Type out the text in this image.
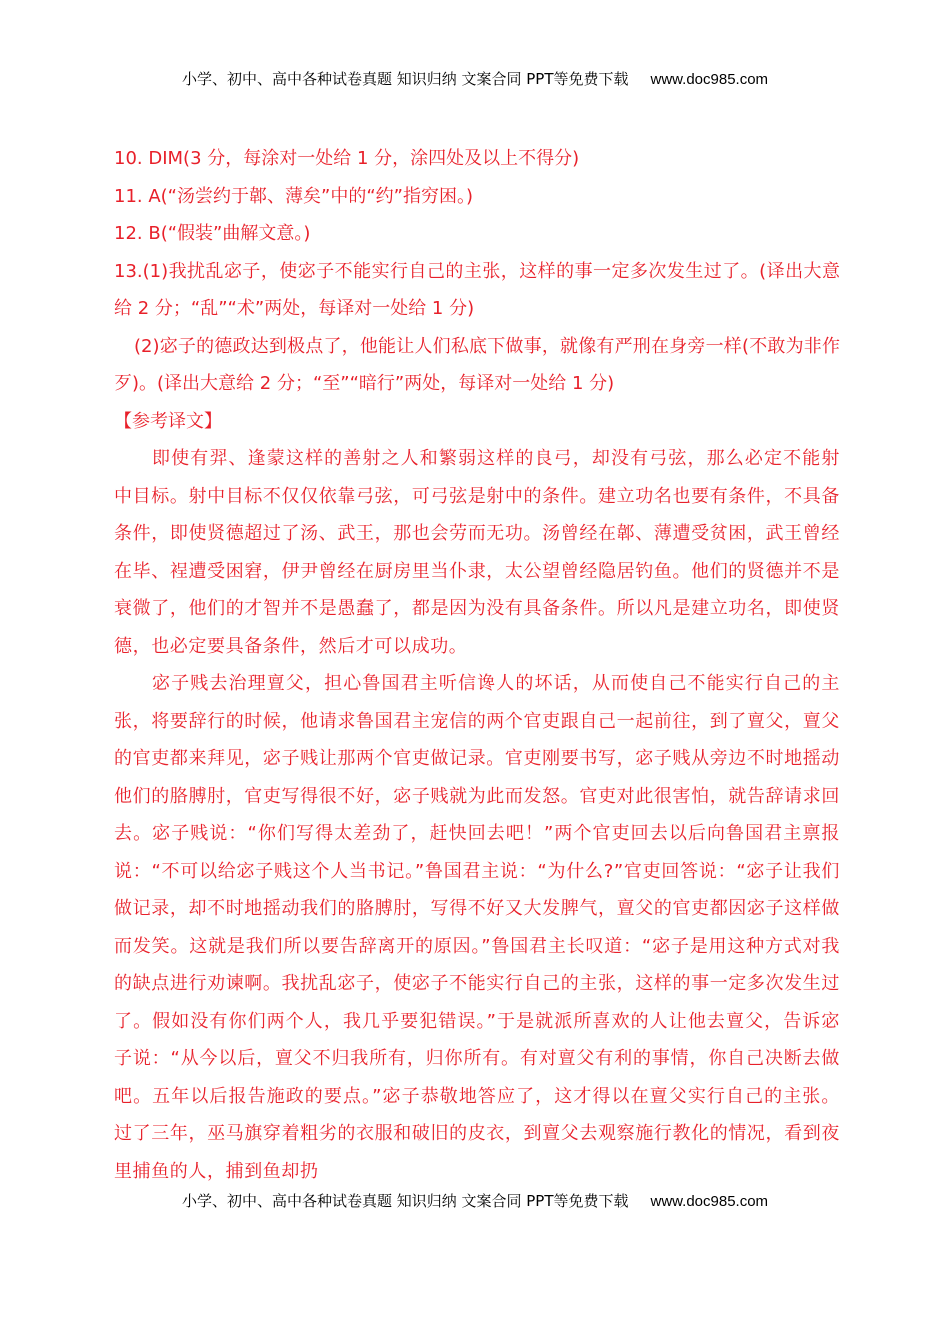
小学、初中、高中各种试卷真题 知识归纳 文案合同 PPT等免费下载 www.doc985.com

10. DIM(3 分，每涂对一处给 1 分，涂四处及以上不得分)

11. A(“汤尝约于郼、薄矣”中的“约”指穷困。)

12. B(“假装”曲解文意。)

13.(1)我扰乱宓子，使宓子不能实行自己的主张，这样的事一定多次发生过了。(译出大意给 2 分；“乱”“术”两处，每译对一处给 1 分)

(2)宓子的德政达到极点了，他能让人们私底下做事，就像有严刑在身旁一样(不敢为非作歹)。(译出大意给 2 分；“至”“暗行”两处，每译对一处给 1 分)

【参考译文】

即使有羿、逢蒙这样的善射之人和繁弱这样的良弓，却没有弓弦，那么必定不能射中目标。射中目标不仅仅依靠弓弦，可弓弦是射中的条件。建立功名也要有条件，不具备条件，即使贤德超过了汤、武王，那也会劳而无功。汤曾经在郼、薄遭受贫困，武王曾经在毕、裎遭受困窘，伊尹曾经在厨房里当仆隶，太公望曾经隐居钓鱼。他们的贤德并不是衰微了，他们的才智并不是愚蠢了，都是因为没有具备条件。所以凡是建立功名，即使贤德，也必定要具备条件，然后才可以成功。

宓子贱去治理亶父，担心鲁国君主听信谗人的坏话，从而使自己不能实行自己的主张，将要辞行的时候，他请求鲁国君主宠信的两个官吏跟自己一起前往，到了亶父，亶父的官吏都来拜见，宓子贱让那两个官吏做记录。官吏刚要书写，宓子贱从旁边不时地摇动他们的胳膊肘，官吏写得很不好，宓子贱就为此而发怒。官吏对此很害怕，就告辞请求回去。宓子贱说：“你们写得太差劲了，赶快回去吧！”两个官吏回去以后向鲁国君主禀报说：“不可以给宓子贱这个人当书记。”鲁国君主说：“为什么?”官吏回答说：“宓子让我们做记录，却不时地摇动我们的胳膊肘，写得不好又大发脾气，亶父的官吏都因宓子这样做而发笑。这就是我们所以要告辞离开的原因。”鲁国君主长叹道：“宓子是用这种方式对我的缺点进行劝谏啊。我扰乱宓子，使宓子不能实行自己的主张，这样的事一定多次发生过了。假如没有你们两个人，我几乎要犯错误。”于是就派所喜欢的人让他去亶父，告诉宓子说：“从今以后，亶父不归我所有，归你所有。有对亶父有利的事情，你自己决断去做吧。五年以后报告施政的要点。”宓子恭敬地答应了，这才得以在亶父实行自己的主张。过了三年，巫马旗穿着粗劣的衣服和破旧的皮衣，到亶父去观察施行教化的情况，看到夜里捕鱼的人，捕到鱼却扔

小学、初中、高中各种试卷真题 知识归纳 文案合同 PPT等免费下载 www.doc985.com
